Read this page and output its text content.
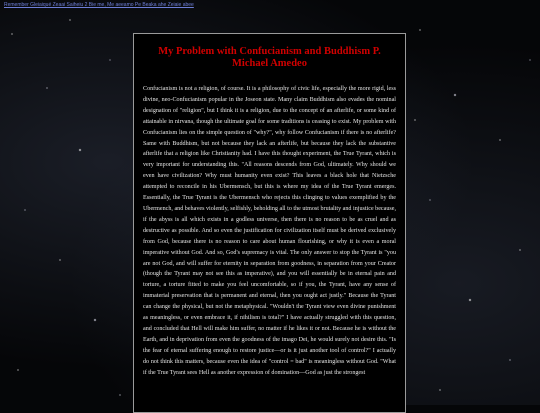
Remember Gleiaiqué Zeaai Saiheiu 2 Bie me, Me aeeamo Pe Beaka ahe Zeiaie abee
My Problem with Confucianism and Buddhism P. Michael Amedeo

Confucianism is not a religion, of course. It is a philosophy of civic life, especially the more rigid, less divine, neo-Confucianism popular in the Joseon state. Many claim Buddhism also evades the nominal designation of "religion", but I think it is a religion, due to the concept of an afterlife, or some kind of attainable in nirvana, though the ultimate goal for some traditions is ceasing to exist. My problem with Confucianism lies on the simple question of "why?", why follow Confucianism if there is no afterlife? Same with Buddhism, but not because they lack an afterlife, but because they lack the substantive afterlife that a religion like Christianity had. I have this thought experiment, the True Tyrant, which is very important for understanding this. "All reasons descends from God, ultimately. Why should we even have civilization? Why must humanity even exist? This leaves a black hole that Nietzsche attempted to reconcile in his Ubermensch, but this is where my idea of the True Tyrant emerges. Essentially, the True Tyrant is the Ubermensch who rejects this clinging to values exemplified by the Ubermench, and behaves violently, selfishly, beholding all to the utmost brutality and injustice because, if the abyss is all which exists in a godless universe, then there is no reason to be as cruel and as destructive as possible. And so even the justification for civilization itself must be derived exclusively from God, because there is no reason to care about human flourishing, or why it is even a moral imperative without God. And so, God's supremacy is vital. The only answer to stop the Tyrant is "you are not God, and will suffer for eternity in separation from goodness, in separation from your Creator (though the Tyrant may not see this as imperative), and you will essentially be in eternal pain and torture, a torture fitted to make you feel uncomfortable, so if you, the Tyrant, have any sense of immaterial preservation that is permanent and eternal, then you ought act justly." Because the Tyrant can change the physical, but not the metaphysical. "Wouldn't the Tyrant view even divine punishment as meaningless, or even embrace it, if nihilism is total?" I have actually struggled with this question, and concluded that Hell will make him suffer, no matter if he likes it or not. Because he is without the Earth, and in deprivation from even the goodness of the imago Dei, he would surely not desire this. "Is the fear of eternal suffering enough to restore justice—or is it just another tool of control?" I actually do not think this matters, because even the idea of "control = bad" is meaningless without God. "What if the True Tyrant sees Hell as another expression of domination—God as just the strongest
